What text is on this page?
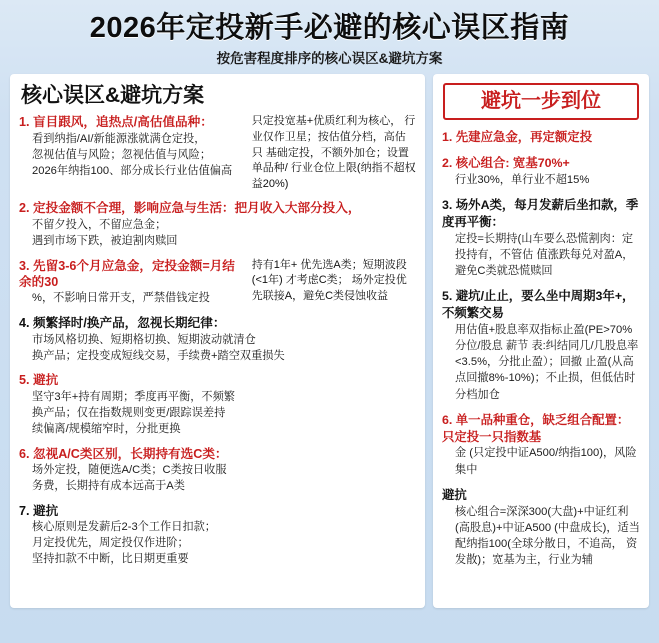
2026年定投新手必避的核心误区指南
按危害程度排序的核心误区&避坑方案
核心误区&避坑方案
1. 盲目跟风，追热点/高估值品种：
看到纳指/AI/新能源涨就满仓定投，
忽视估值与风险；忽视估值与风险；
2026年纳指100、部分成长行业估值偏高
只定投宽基+优质红利为核心， 行业仅作卫星；按估值分档，高估只 基础定投，不额外加仓；设置单品种/ 行业仓位上限(纳指不超权益20%)
2. 定投金额不合理，影响应急与生活：把月收入大部分投入，
不留夕投入，不留应急金；
遇到市场下跌，被迫割肉赎回
3. 先留3-6个月应急金，定投金额=月结余的30
%，不影响日常开支，严禁借钱定投
持有1年+ 优先选A类；短期波段(<1年) 才考虑C类； 场外定投优先联接A，避免C类侵蚀收益
4. 频繁择时/换产品，忽视长期纪律：
市场风格切换、短期格切换、短期波动就清仓
换产品；定投变成短线交易，手续费+踏空双重损失
5. 避抗
坚守3年+持有周期；季度再平衡，不频繁
换产品；仅在指数规则变更/跟踪误差持
续偏离/规模缩窄时，分批更换
6. 忽视A/C类区别，长期持有选C类：
场外定投，随便选A/C类；C类按日收服
务费，长期持有成本远高于A类
7. 避抗
核心原则是发薪后2-3个工作日扣款；
月定投优先，周定投仅作进阶；
坚持扣款不中断，比日期更重要
避坑一步到位
1. 先建应急金，再定额定投
2. 核心组合: 宽基70%+
行业30%，单行业不超15%
3. 场外A类，每月发薪后坐扣款，季度再平衡：
定投=长期持(山车要么恐慌割肉：定投持有，不管估 值涨跌每兑对盈A，避免C类就恐慌赎回
5. 避坑/止止，要么坐中周期3年+，不频繁交易
用估值+股息率双指标止盈(PE>70%分位/股息 薪节 表:纠结同几/几股息率<3.5%，分批止盈）；回撤 止盈(从高点回撤8%-10%)；不止损，但低估时分档加仓
6. 单一品种重仓，缺乏组合配置：只定投一只指数基
金 (只定投中证A500/纳指100)，风险集中
避抗
核心组合=深深300(大盘)+中证红利(高股息)+中证A500 (中盘成长)，适当配纳指100(全球分散日，不追高， 资发散)；宽基为主，行业为辅
